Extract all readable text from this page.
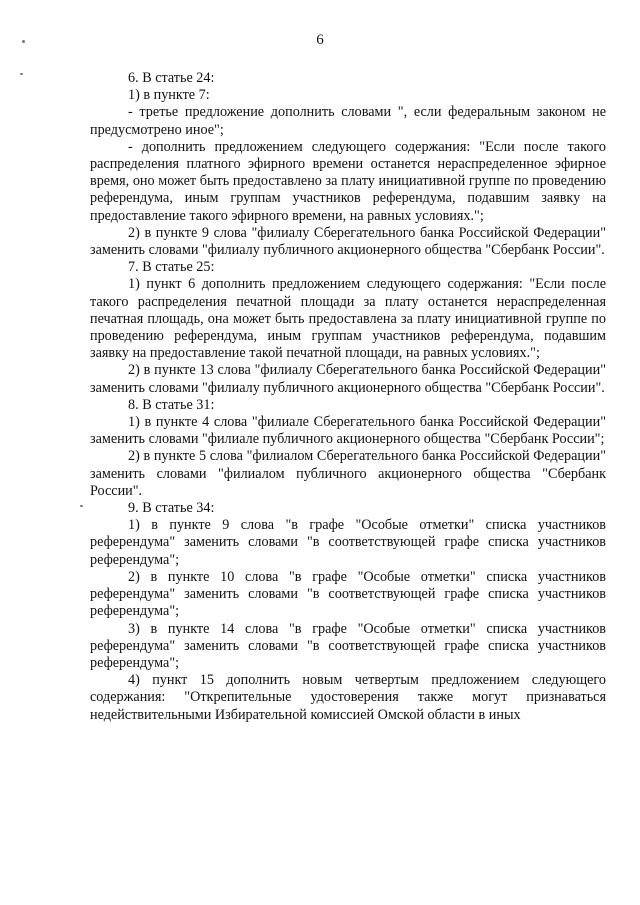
6

6. В статье 24:

1) в пункте 7:

- третье предложение дополнить словами ", если федеральным законом не предусмотрено иное";

- дополнить предложением следующего содержания: "Если после такого распределения платного эфирного времени останется нераспределенное эфирное время, оно может быть предоставлено за плату инициативной группе по проведению референдума, иным группам участников референдума, подавшим заявку на предоставление такого эфирного времени, на равных условиях.";

2) в пункте 9 слова "филиалу Сберегательного банка Российской Федерации" заменить словами "филиалу публичного акционерного общества "Сбербанк России".

7. В статье 25:

1) пункт 6 дополнить предложением следующего содержания: "Если после такого распределения печатной площади за плату останется нераспределенная печатная площадь, она может быть предоставлена за плату инициативной группе по проведению референдума, иным группам участников референдума, подавшим заявку на предоставление такой печатной площади, на равных условиях.";

2) в пункте 13 слова "филиалу Сберегательного банка Российской Федерации" заменить словами "филиалу публичного акционерного общества "Сбербанк России".

8. В статье 31:

1) в пункте 4 слова "филиале Сберегательного банка Российской Федерации" заменить словами "филиале публичного акционерного общества "Сбербанк России";

2) в пункте 5 слова "филиалом Сберегательного банка Российской Федерации" заменить словами "филиалом публичного акционерного общества "Сбербанк России".

9. В статье 34:

1) в пункте 9 слова "в графе "Особые отметки" списка участников референдума" заменить словами "в соответствующей графе списка участников референдума";

2) в пункте 10 слова "в графе "Особые отметки" списка участников референдума" заменить словами "в соответствующей графе списка участников референдума";

3) в пункте 14 слова "в графе "Особые отметки" списка участников референдума" заменить словами "в соответствующей графе списка участников референдума";

4) пункт 15 дополнить новым четвертым предложением следующего содержания: "Открепительные удостоверения также могут признаваться недействительными Избирательной комиссией Омской области в иных
